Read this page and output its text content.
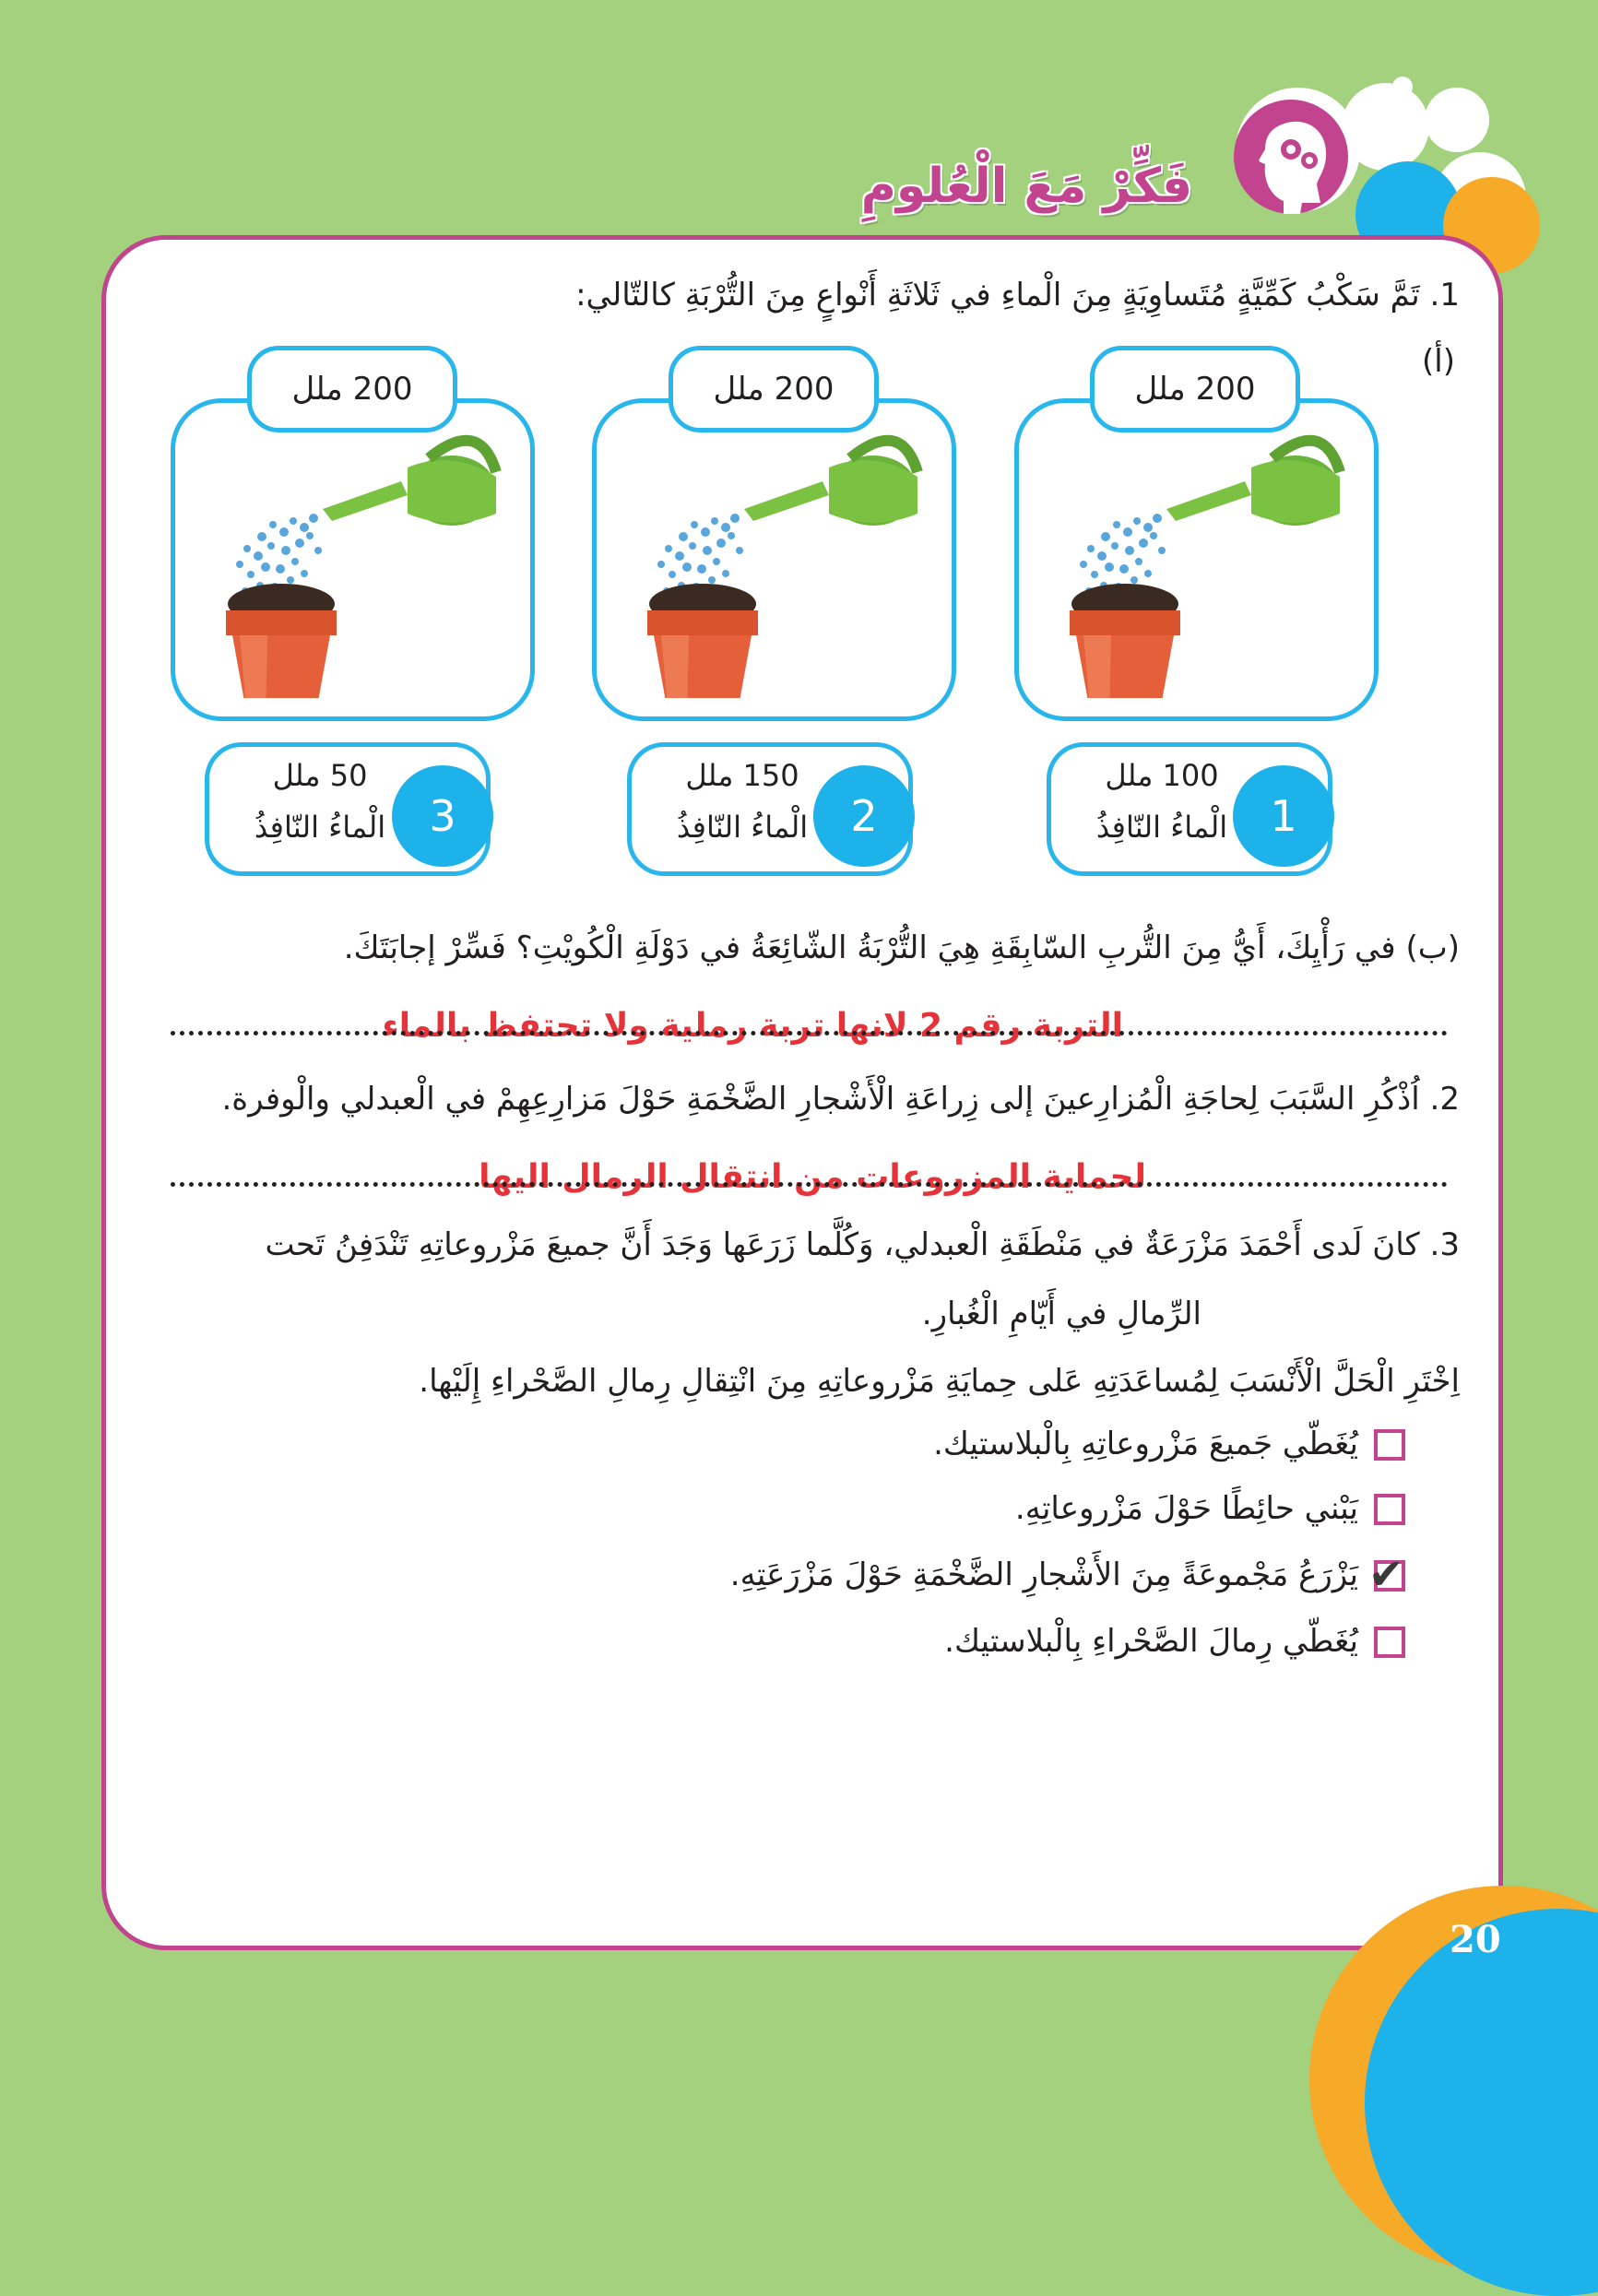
فَكِّرْ مَعَ الْعُلومِ
20
1. تَمَّ سَكْبُ كَمِّيَّةٍ مُتَساوِيَةٍ مِنَ الْماءِ في ثَلاثَةِ أَنْواعٍ مِنَ التُّرْبَةِ كالتّالي:
(أ)
200 ملل
100 ملل
الْماءُ النّافِذُ	1
200 ملل
150 ملل
الْماءُ النّافِذُ	2
200 ملل
50 ملل
الْماءُ النّافِذُ	3
(ب) في رَأْيِكَ، أَيُّ مِنَ التُّربِ السّابِقَةِ هِيَ التُّرْبَةُ الشّائِعَةُ في دَوْلَةِ الْكُويْتِ؟ فَسِّرْ إجابَتَكَ.
التربة رقم 2 لانها تربة رملية ولا تحتفظ بالماء
2. اُذْكُرِ السَّبَبَ لِحاجَةِ الْمُزارِعينَ إلى زِراعَةِ الْأَشْجارِ الضَّخْمَةِ حَوْلَ مَزارِعِهِمْ في الْعبدلي والْوفرة.
لحماية المزروعات من انتقال الرمال اليها
3. كانَ لَدى أَحْمَدَ مَزْرَعَةٌ في مَنْطَقَةِ الْعبدلي، وَكُلَّما زَرَعَها وَجَدَ أَنَّ جميعَ مَزْروعاتِهِ تَنْدَفِنُ تَحت
الرِّمالِ في أَيّامِ الْغُبارِ.
اِخْتَرِ الْحَلَّ الْأَنْسَبَ لِمُساعَدَتِهِ عَلى حِمايَةِ مَزْروعاتِهِ مِنَ انْتِقالِ رِمالِ الصَّحْراءِ إِلَيْها.
يُغَطّي جَميعَ مَزْروعاتِهِ بِالْبلاستيك.
يَبْني حائِطًا حَوْلَ مَزْروعاتِهِ.
✔
يَزْرَعُ مَجْموعَةً مِنَ الأَشْجارِ الضَّخْمَةِ حَوْلَ مَزْرَعَتِهِ.
يُغَطّي رِمالَ الصَّحْراءِ بِالْبلاستيك.
